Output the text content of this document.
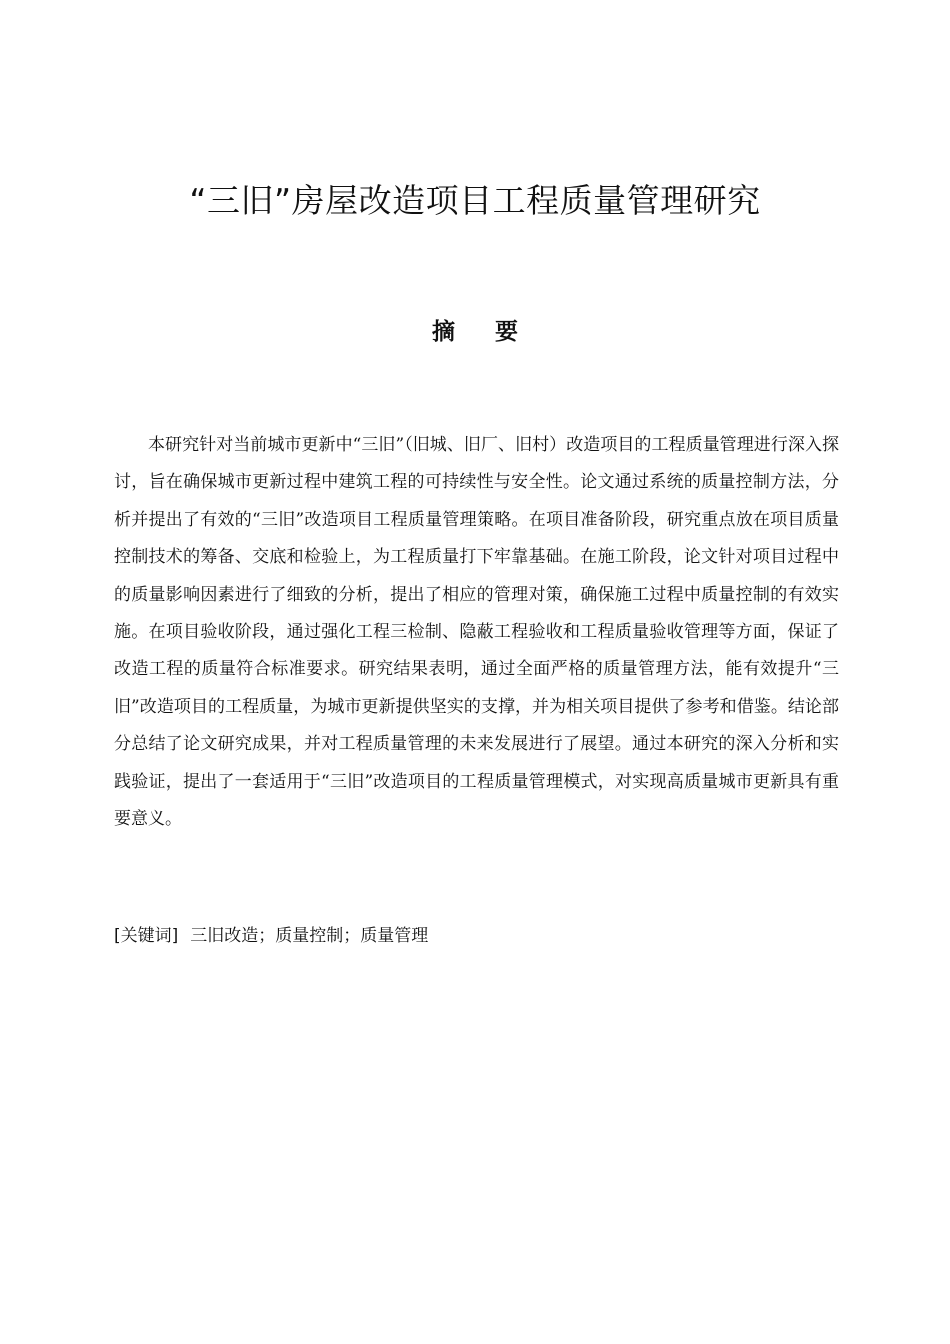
“三旧”房屋改造项目工程质量管理研究
摘要

本研究针对当前城市更新中“三旧”（旧城、旧厂、旧村）改造项目的工程质量管理进行深入探讨，旨在确保城市更新过程中建筑工程的可持续性与安全性。论文通过系统的质量控制方法，分析并提出了有效的“三旧”改造项目工程质量管理策略。在项目准备阶段，研究重点放在项目质量控制技术的筹备、交底和检验上，为工程质量打下牢靠基础。在施工阶段，论文针对项目过程中的质量影响因素进行了细致的分析，提出了相应的管理对策，确保施工过程中质量控制的有效实施。在项目验收阶段，通过强化工程三检制、隐蔽工程验收和工程质量验收管理等方面，保证了改造工程的质量符合标准要求。研究结果表明，通过全面严格的质量管理方法，能有效提升“三旧”改造项目的工程质量，为城市更新提供坚实的支撑，并为相关项目提供了参考和借鉴。结论部分总结了论文研究成果，并对工程质量管理的未来发展进行了展望。通过本研究的深入分析和实践验证，提出了一套适用于“三旧”改造项目的工程质量管理模式，对实现高质量城市更新具有重要意义。

[关键词] 三旧改造；质量控制；质量管理
